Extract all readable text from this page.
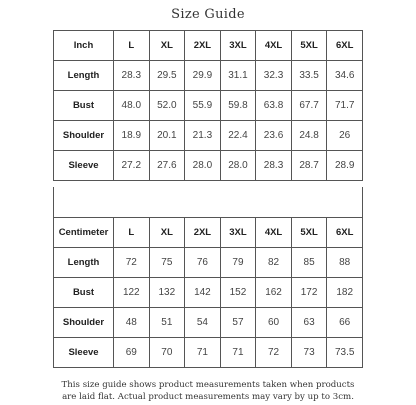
Size Guide
Inch	L	XL	2XL	3XL	4XL	5XL	6XL
Length	28.3	29.5	29.9	31.1	32.3	33.5	34.6
Bust	48.0	52.0	55.9	59.8	63.8	67.7	71.7
Shoulder	18.9	20.1	21.3	22.4	23.6	24.8	26
Sleeve	27.2	27.6	28.0	28.0	28.3	28.7	28.9
Centimeter	L	XL	2XL	3XL	4XL	5XL	6XL
Length	72	75	76	79	82	85	88
Bust	122	132	142	152	162	172	182
Shoulder	48	51	54	57	60	63	66
Sleeve	69	70	71	71	72	73	73.5
This size guide shows product measurements taken when products
are laid flat. Actual product measurements may vary by up to 3cm.
